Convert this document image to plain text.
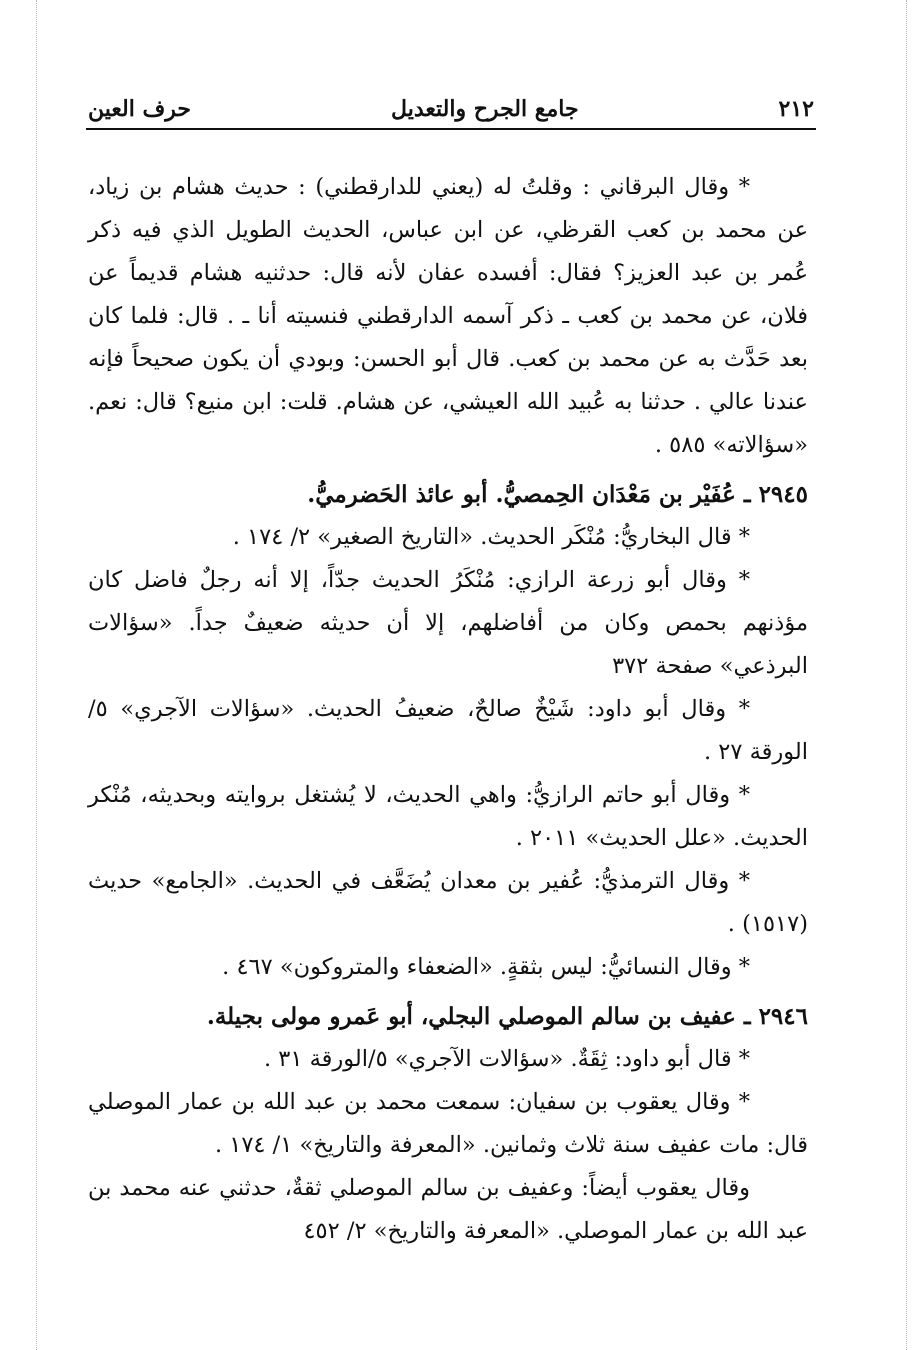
٢١٢
جامع الجرح والتعديل
حرف العين

* وقال البرقاني : وقلتُ له (يعني للدارقطني) : حديث هشام بن زياد، عن محمد بن كعب القرظي، عن ابن عباس، الحديث الطويل الذي فيه ذكر عُمر بن عبد العزيز؟ فقال: أفسده عفان لأنه قال: حدثنيه هشام قديماً عن فلان، عن محمد بن كعب ـ ذكر آسمه الدارقطني فنسيته أنا ـ . قال: فلما كان بعد حَدَّث به عن محمد بن كعب. قال أبو الحسن: وبودي أن يكون صحيحاً فإنه عندنا عالي . حدثنا به عُبيد الله العيشي، عن هشام. قلت: ابن منيع؟ قال: نعم. «سؤالاته» ٥٨٥ .

٢٩٤٥ ـ عُفَيْر بن مَعْدَان الحِمصيُّ. أبو عائذ الحَضرميُّ.

* قال البخاريُّ: مُنْكَر الحديث. «التاريخ الصغير» ٢/ ١٧٤ .

* وقال أبو زرعة الرازي: مُنْكَرُ الحديث جدّاً، إلا أنه رجلٌ فاضل كان مؤذنهم بحمص وكان من أفاضلهم، إلا أن حديثه ضعيفٌ جداً. «سؤالات البرذعي» صفحة ٣٧٢

* وقال أبو داود: شَيْخٌ صالحٌ، ضعيفُ الحديث. «سؤالات الآجري» ٥/الورقة ٢٧ .

* وقال أبو حاتم الرازيُّ: واهي الحديث، لا يُشتغل بروايته وبحديثه، مُنْكر الحديث. «علل الحديث» ٢٠١١ .

* وقال الترمذيُّ: عُفير بن معدان يُضَعَّف في الحديث. «الجامع» حديث (١٥١٧) .

* وقال النسائيُّ: ليس بثقةٍ. «الضعفاء والمتروكون» ٤٦٧ .

٢٩٤٦ ـ عفيف بن سالم الموصلي البجلي، أبو عَمرو مولى بجيلة.

* قال أبو داود: ثِقَةٌ. «سؤالات الآجري» ٥/الورقة ٣١ .

* وقال يعقوب بن سفيان: سمعت محمد بن عبد الله بن عمار الموصلي قال: مات عفيف سنة ثلاث وثمانين. «المعرفة والتاريخ» ١/ ١٧٤ .

وقال يعقوب أيضاً: وعفيف بن سالم الموصلي ثقةٌ، حدثني عنه محمد بن عبد الله بن عمار الموصلي. «المعرفة والتاريخ» ٢/ ٤٥٢
